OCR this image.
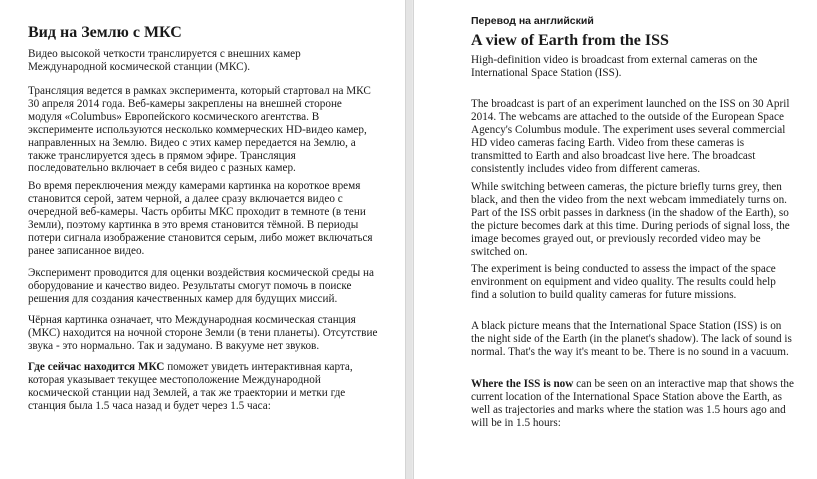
Вид на Землю с МКС

Видео высокой четкости транслируется с внешних камер Международной космической станции (МКС).

Трансляция ведется в рамках эксперимента, который стартовал на МКС 30 апреля 2014 года. Веб-камеры закреплены на внешней стороне модуля «Columbus» Европейского космического агентства. В эксперименте используются несколько коммерческих HD-видео камер, направленных на Землю. Видео с этих камер передается на Землю, а также транслируется здесь в прямом эфире. Трансляция последовательно включает в себя видео с разных камер.

Во время переключения между камерами картинка на короткое время становится серой, затем черной, а далее сразу включается видео с очередной веб-камеры. Часть орбиты МКС проходит в темноте (в тени Земли), поэтому картинка в это время становится тёмной. В периоды потери сигнала изображение становится серым, либо может включаться ранее записанное видео.

Эксперимент проводится для оценки воздействия космической среды на оборудование и качество видео. Результаты смогут помочь в поиске решения для создания качественных камер для будущих миссий.

Чёрная картинка означает, что Международная космическая станция (МКС) находится на ночной стороне Земли (в тени планеты). Отсутствие звука - это нормально. Так и задумано. В вакууме нет звуков.

Где сейчас находится МКС поможет увидеть интерактивная карта, которая указывает текущее местоположение Международной космической станции над Землей, а так же траектории и метки где станция была 1.5 часа назад и будет через 1.5 часа:

Перевод на английский
A view of Earth from the ISS

High-definition video is broadcast from external cameras on the International Space Station (ISS).

The broadcast is part of an experiment launched on the ISS on 30 April 2014. The webcams are attached to the outside of the European Space Agency's Columbus module. The experiment uses several commercial HD video cameras facing Earth. Video from these cameras is transmitted to Earth and also broadcast live here. The broadcast consistently includes video from different cameras.

While switching between cameras, the picture briefly turns grey, then black, and then the video from the next webcam immediately turns on. Part of the ISS orbit passes in darkness (in the shadow of the Earth), so the picture becomes dark at this time. During periods of signal loss, the image becomes grayed out, or previously recorded video may be switched on.

The experiment is being conducted to assess the impact of the space environment on equipment and video quality. The results could help find a solution to build quality cameras for future missions.

A black picture means that the International Space Station (ISS) is on the night side of the Earth (in the planet's shadow). The lack of sound is normal. That's the way it's meant to be. There is no sound in a vacuum.

Where the ISS is now can be seen on an interactive map that shows the current location of the International Space Station above the Earth, as well as trajectories and marks where the station was 1.5 hours ago and will be in 1.5 hours:
